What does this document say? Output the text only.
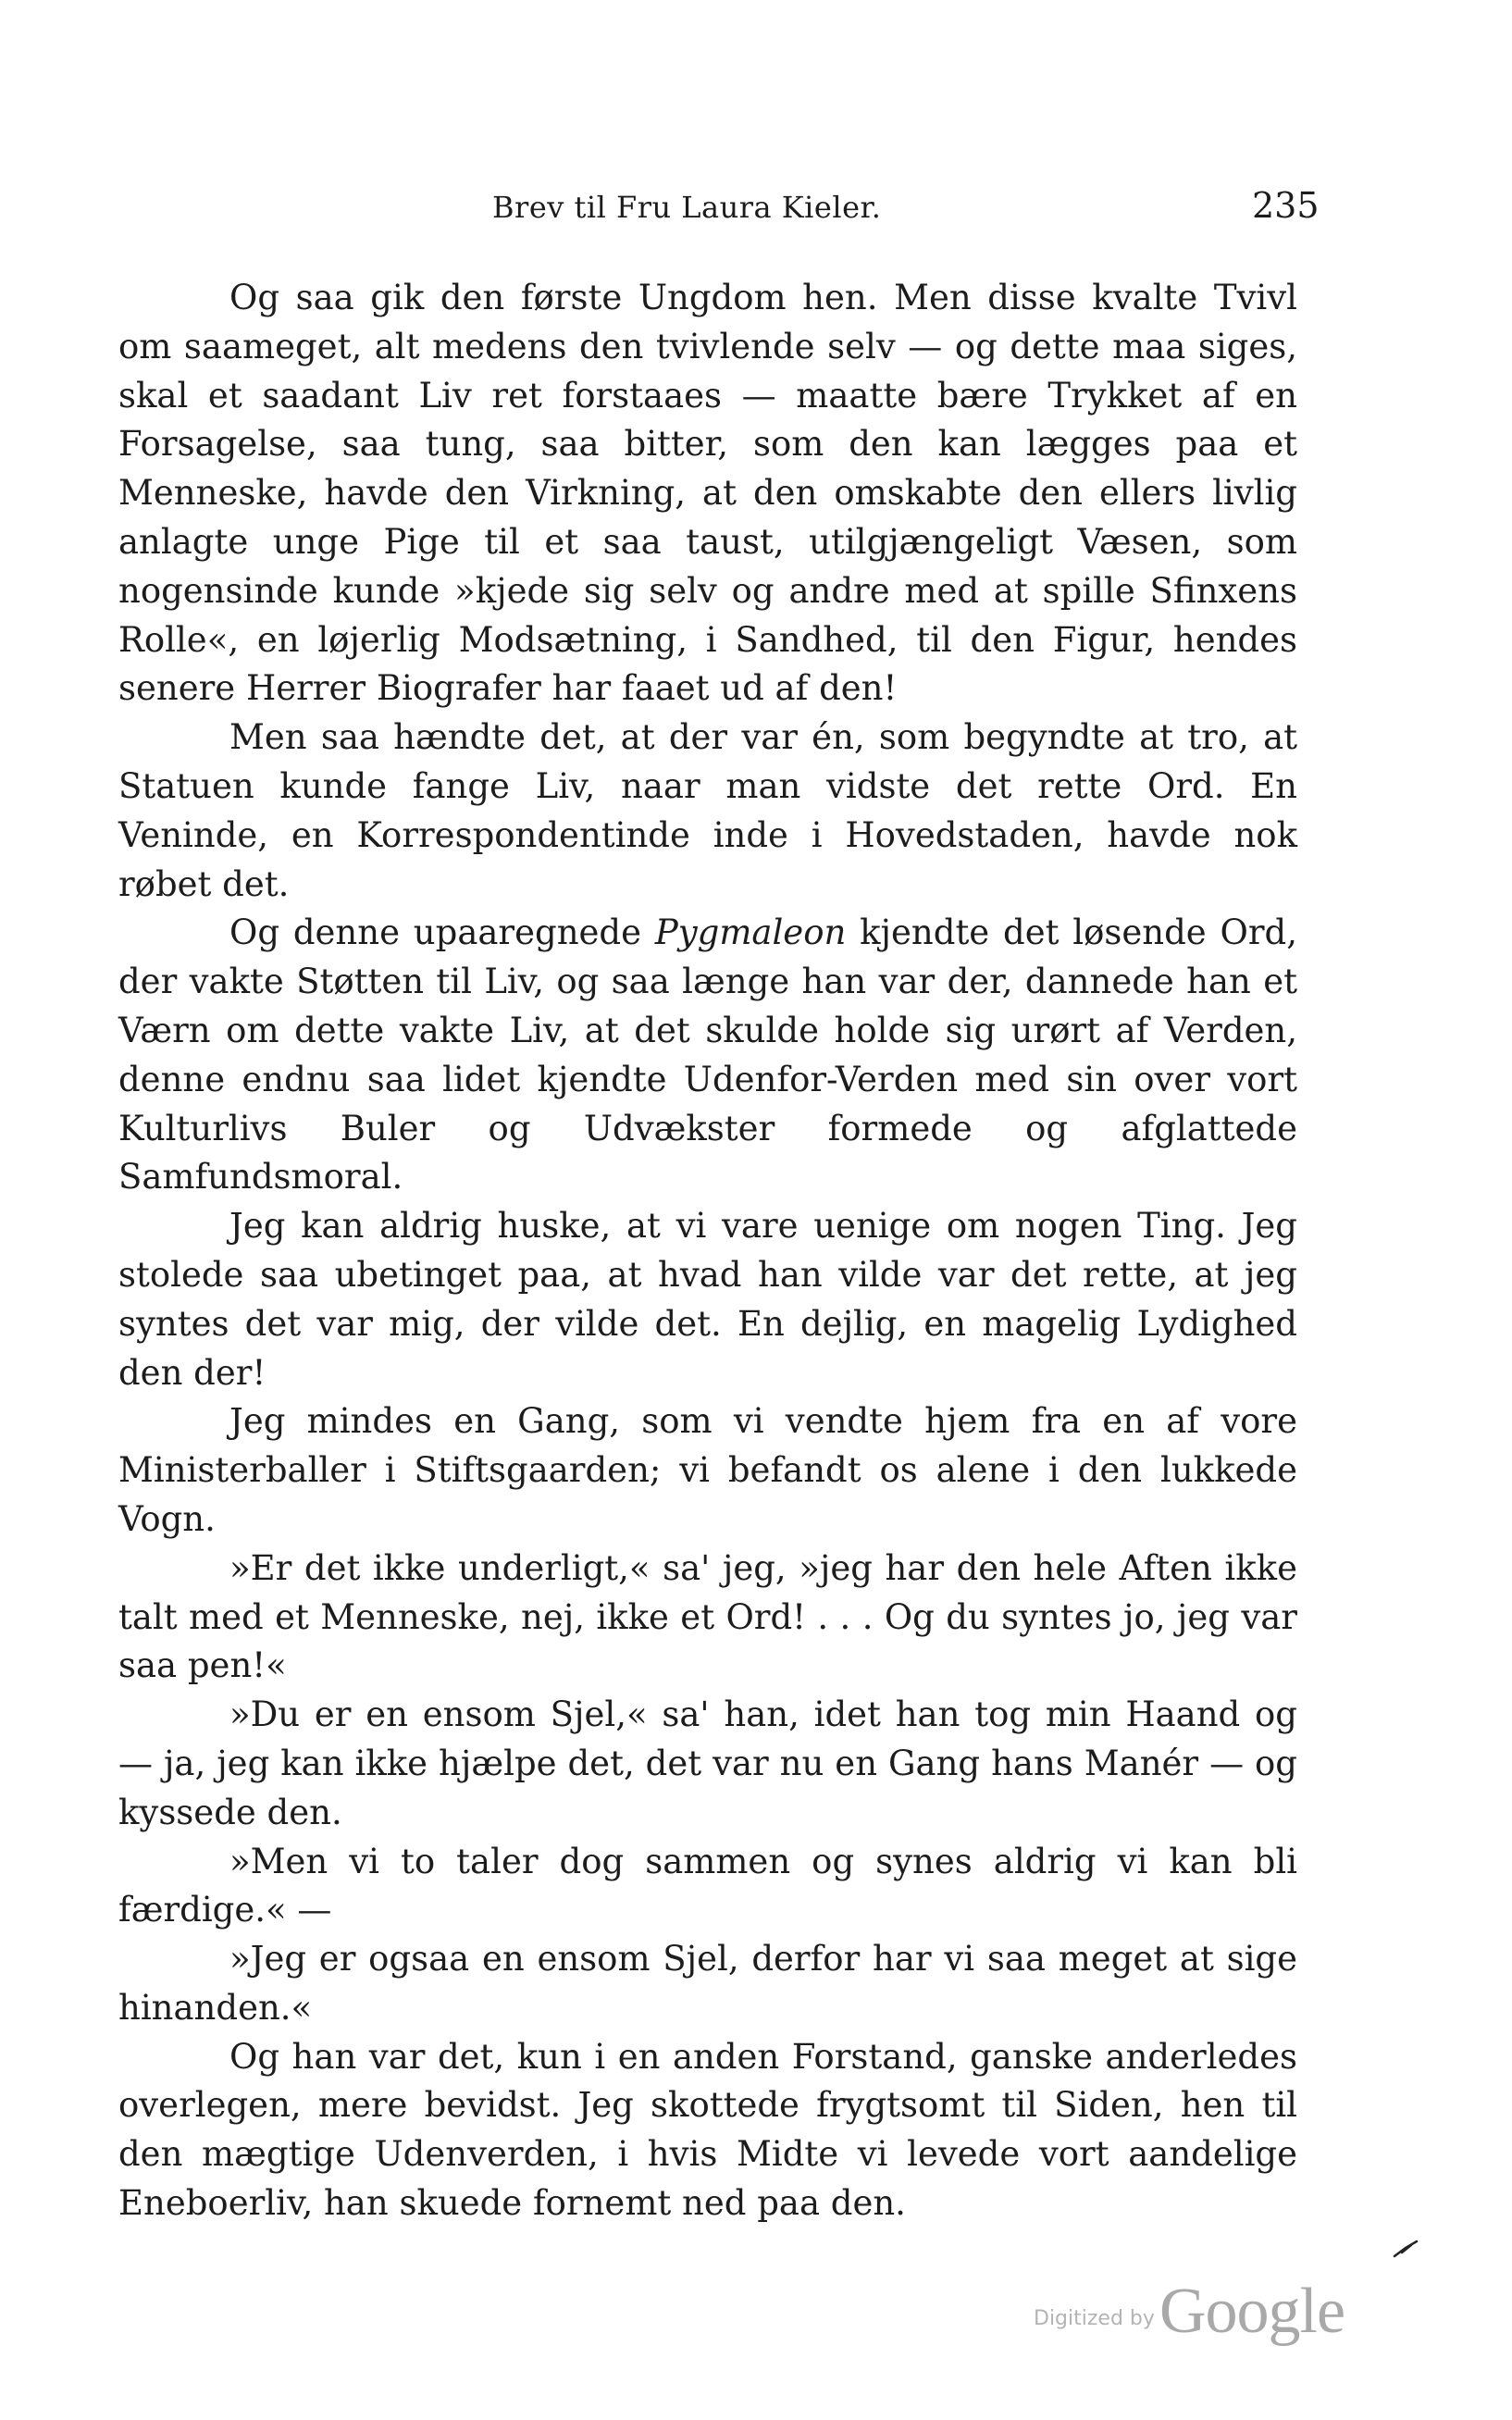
Brev til Fru Laura Kieler.	235

Og saa gik den første Ungdom hen. Men disse kvalte Tvivl om saameget, alt medens den tvivlende selv — og dette maa siges, skal et saadant Liv ret forstaaes — maatte bære Trykket af en Forsagelse, saa tung, saa bitter, som den kan lægges paa et Menneske, havde den Virkning, at den omskabte den ellers livlig anlagte unge Pige til et saa taust, utilgjængeligt Væsen, som nogensinde kunde »kjede sig selv og andre med at spille Sfinxens Rolle«, en løjerlig Modsætning, i Sandhed, til den Figur, hendes senere Herrer Biografer har faaet ud af den!

Men saa hændte det, at der var én, som begyndte at tro, at Statuen kunde fange Liv, naar man vidste det rette Ord. En Veninde, en Korrespondentinde inde i Hovedstaden, havde nok røbet det.

Og denne upaaregnede Pygmaleon kjendte det løsende Ord, der vakte Støtten til Liv, og saa længe han var der, dannede han et Værn om dette vakte Liv, at det skulde holde sig urørt af Verden, denne endnu saa lidet kjendte Udenfor-Verden med sin over vort Kulturlivs Buler og Udvækster formede og afglattede Samfundsmoral.

Jeg kan aldrig huske, at vi vare uenige om nogen Ting. Jeg stolede saa ubetinget paa, at hvad han vilde var det rette, at jeg syntes det var mig, der vilde det. En dejlig, en magelig Lydighed den der!

Jeg mindes en Gang, som vi vendte hjem fra en af vore Ministerballer i Stiftsgaarden; vi befandt os alene i den lukkede Vogn.

»Er det ikke underligt,« sa' jeg, »jeg har den hele Aften ikke talt med et Menneske, nej, ikke et Ord! . . . Og du syntes jo, jeg var saa pen!«

»Du er en ensom Sjel,« sa' han, idet han tog min Haand og — ja, jeg kan ikke hjælpe det, det var nu en Gang hans Manér — og kyssede den.

»Men vi to taler dog sammen og synes aldrig vi kan bli færdige.« —

»Jeg er ogsaa en ensom Sjel, derfor har vi saa meget at sige hinanden.«

Og han var det, kun i en anden Forstand, ganske anderledes overlegen, mere bevidst. Jeg skottede frygtsomt til Siden, hen til den mægtige Udenverden, i hvis Midte vi levede vort aandelige Eneboerliv, han skuede fornemt ned paa den.

Digitized by Google
